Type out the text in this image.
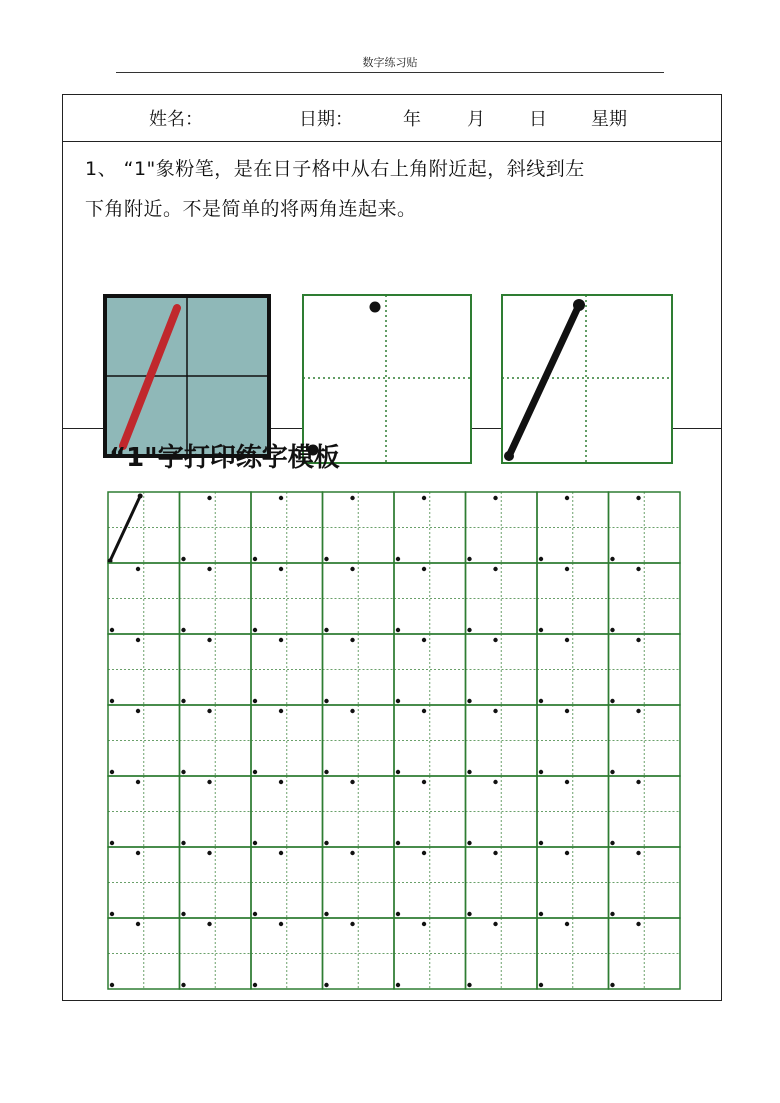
数字练习贴
姓名：	日期：	年	月 日 星期
1、 “1"象粉笔，是在日子格中从右上角附近起，斜线到左
下角附近。不是简单的将两角连起来。
“1"字打印练字模板
